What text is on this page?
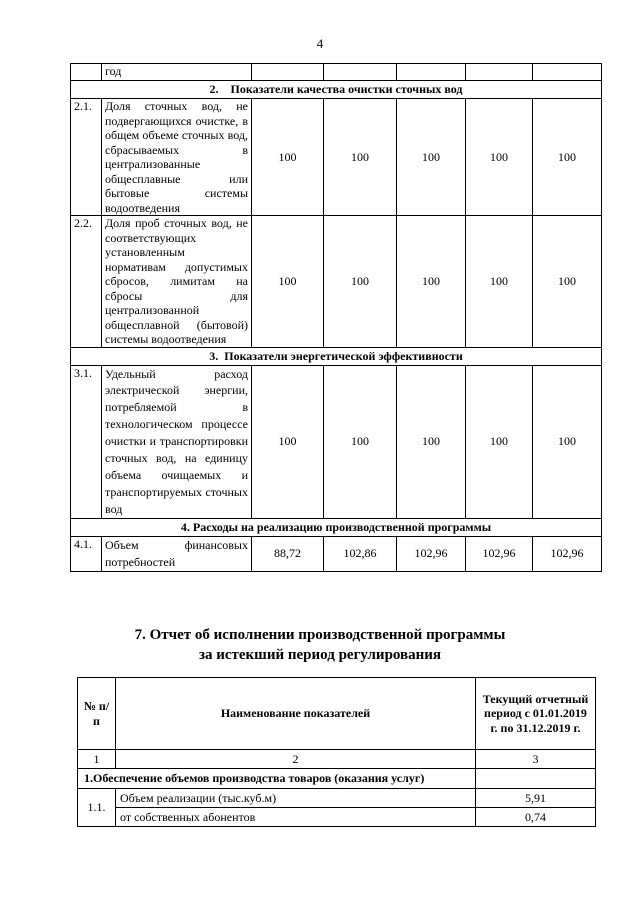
4
	год					
2.    Показатели качества очистки сточных вод						
2.1.	Доля сточных вод, не подвергающихся очистке, в общем объеме сточных вод, сбрасываемых в централизованные общесплавные или бытовые системы водоотведения	100	100	100	100	100
2.2.	Доля проб сточных вод, не соответствующих установленным нормативам допустимых сбросов, лимитам на сбросы для централизованной общесплавной (бытовой) системы водоотведения	100	100	100	100	100
3.  Показатели энергетической эффективности						
3.1.	Удельный расход электрической энергии, потребляемой в технологическом процессе очистки и транспортировки сточных вод, на единицу объема очищаемых и транспортируемых сточных вод	100	100	100	100	100
4. Расходы на реализацию производственной программы						
4.1.	Объем финансовых потребностей	88,72	102,86	102,96	102,96	102,96
7. Отчет об исполнении производственной программы
за истекший период регулирования
№ п/п	Наименование показателей	Текущий отчетный период с 01.01.2019 г. по 31.12.2019 г.
1	2	3
1.Обеспечение объемов производства товаров (оказания услуг)		
1.1.	Объем реализации (тыс.куб.м)	5,91
	от собственных абонентов	0,74
